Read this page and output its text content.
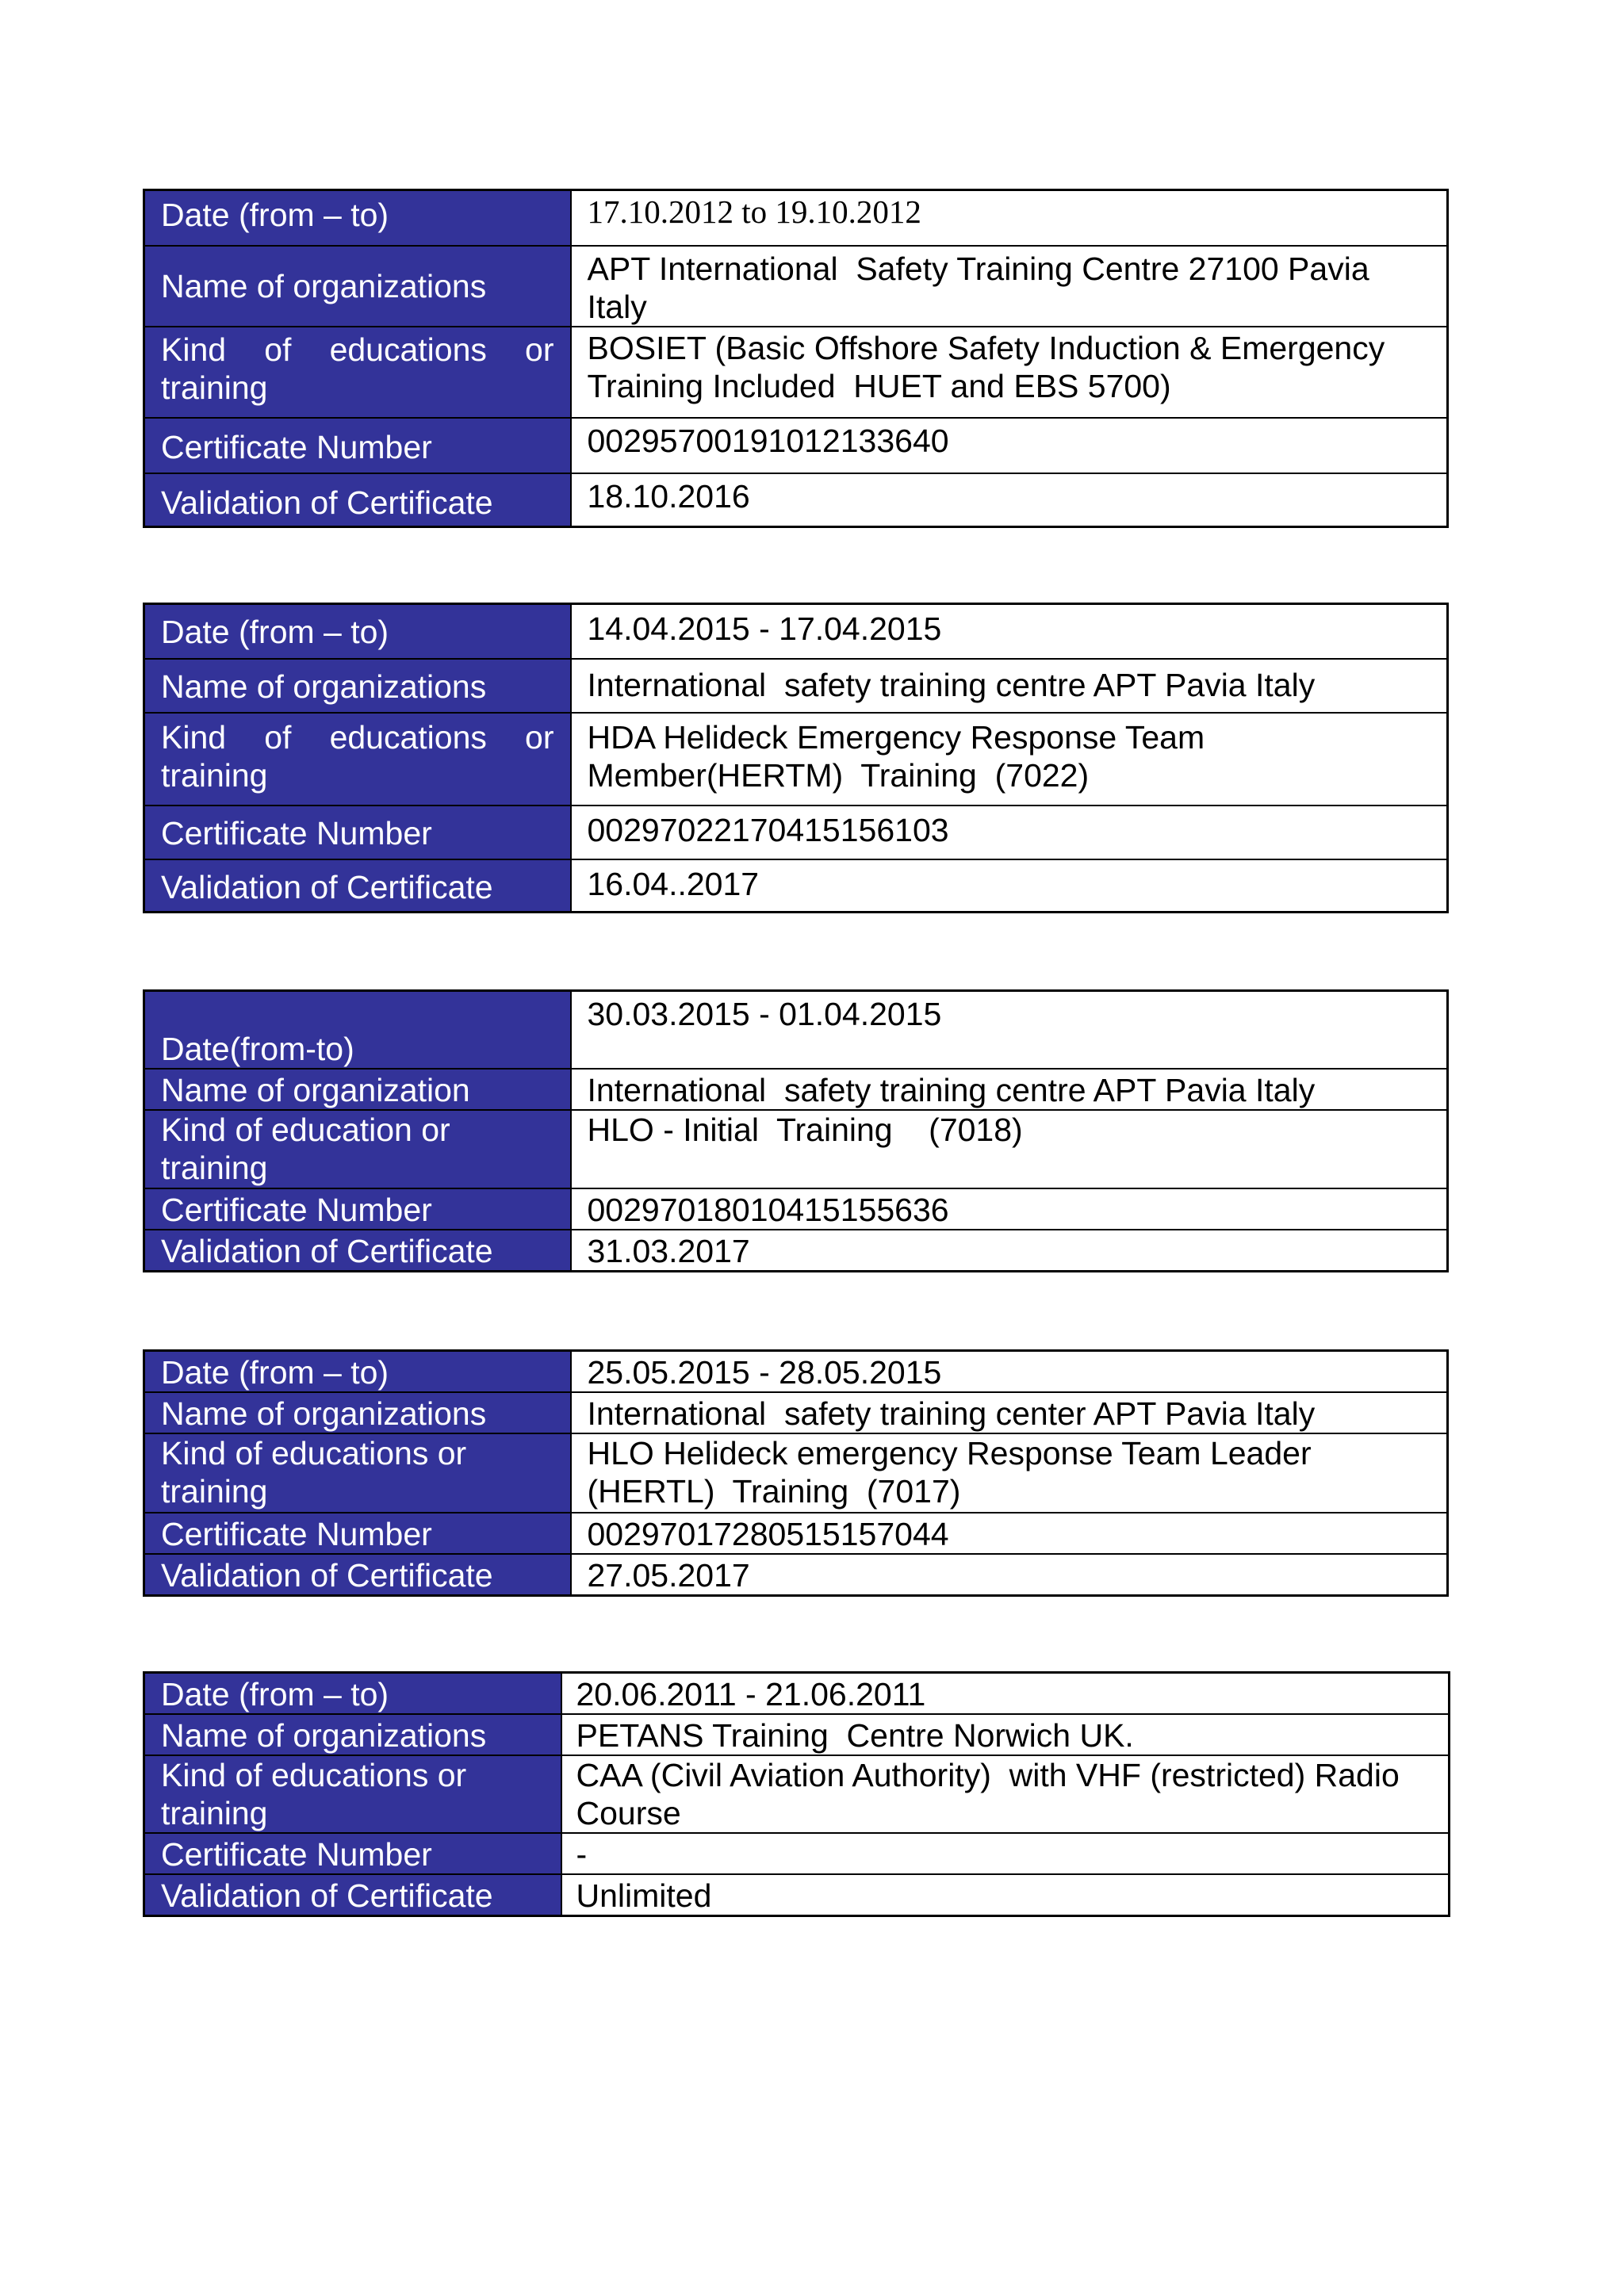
Date (from – to)	17.10.2012 to 19.10.2012
Name of organizations	APT International  Safety Training Centre 27100 Pavia Italy
Kind of educations or training	BOSIET (Basic Offshore Safety Induction & Emergency Training Included  HUET and EBS 5700)
Certificate Number	00295700191012133640
Validation of Certificate	18.10.2016
Date (from – to)	14.04.2015 - 17.04.2015
Name of organizations	International  safety training centre APT Pavia Italy
Kind of educations or training	HDA Helideck Emergency Response Team Member(HERTM)  Training  (7022)
Certificate Number	00297022170415156103
Validation of Certificate	16.04..2017
Date(from-to)	30.03.2015 - 01.04.2015
Name of organization	International  safety training centre APT Pavia Italy
Kind of education or training	HLO - Initial  Training    (7018)
Certificate Number	00297018010415155636
Validation of Certificate	31.03.2017
Date (from – to)	25.05.2015 - 28.05.2015
Name of organizations	International  safety training center APT Pavia Italy
Kind of educations or training	HLO Helideck emergency Response Team Leader (HERTL)  Training  (7017)
Certificate Number	00297017280515157044
Validation of Certificate	27.05.2017
Date (from – to)	20.06.2011 - 21.06.2011
Name of organizations	PETANS Training  Centre Norwich UK.
Kind of educations or training	CAA (Civil Aviation Authority)  with VHF (restricted) Radio Course
Certificate Number	-
Validation of Certificate	Unlimited
